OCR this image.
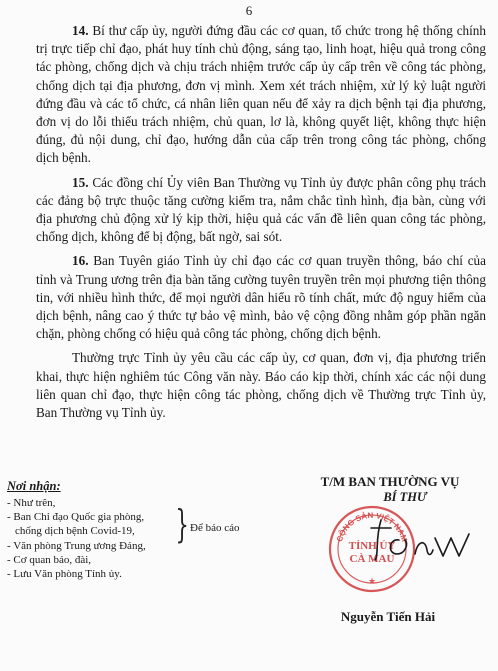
6

14. Bí thư cấp ủy, người đứng đầu các cơ quan, tổ chức trong hệ thống chính trị trực tiếp chỉ đạo, phát huy tính chủ động, sáng tạo, linh hoạt, hiệu quả trong công tác phòng, chống dịch và chịu trách nhiệm trước cấp ủy cấp trên về công tác phòng, chống dịch tại địa phương, đơn vị mình. Xem xét trách nhiệm, xử lý kỷ luật người đứng đầu và các tổ chức, cá nhân liên quan nếu để xảy ra dịch bệnh tại địa phương, đơn vị do lỗi thiếu trách nhiệm, chủ quan, lơ là, không quyết liệt, không thực hiện đúng, đủ nội dung, chỉ đạo, hướng dẫn của cấp trên trong công tác phòng, chống dịch bệnh.

15. Các đồng chí Ủy viên Ban Thường vụ Tỉnh ủy được phân công phụ trách các đảng bộ trực thuộc tăng cường kiểm tra, nắm chắc tình hình, địa bàn, cùng với địa phương chủ động xử lý kịp thời, hiệu quả các vấn đề liên quan công tác phòng, chống dịch, không để bị động, bất ngờ, sai sót.

16. Ban Tuyên giáo Tỉnh ủy chỉ đạo các cơ quan truyền thông, báo chí của tỉnh và Trung ương trên địa bàn tăng cường tuyên truyền trên mọi phương tiện thông tin, với nhiều hình thức, để mọi người dân hiểu rõ tính chất, mức độ nguy hiểm của dịch bệnh, nâng cao ý thức tự bảo vệ mình, bảo vệ cộng đồng nhằm góp phần ngăn chặn, phòng chống có hiệu quả công tác phòng, chống dịch bệnh.

Thường trực Tỉnh ủy yêu cầu các cấp ủy, cơ quan, đơn vị, địa phương triển khai, thực hiện nghiêm túc Công văn này. Báo cáo kịp thời, chính xác các nội dung liên quan chỉ đạo, thực hiện công tác phòng, chống dịch về Thường trực Tỉnh ủy, Ban Thường vụ Tỉnh ủy.

Nơi nhận:
- Như trên,
- Ban Chỉ đạo Quốc gia phòng,
chống dịch bệnh Covid-19,
- Văn phòng Trung ương Đảng,
- Cơ quan báo, đài,
- Lưu Văn phòng Tỉnh ủy.
} Để báo cáo
T/M BAN THƯỜNG VỤ
BÍ THƯ
CỘNG SẢN VIỆT NAM
TỈNH ỦY
CÀ MAU
★
Nguyễn Tiến Hải
